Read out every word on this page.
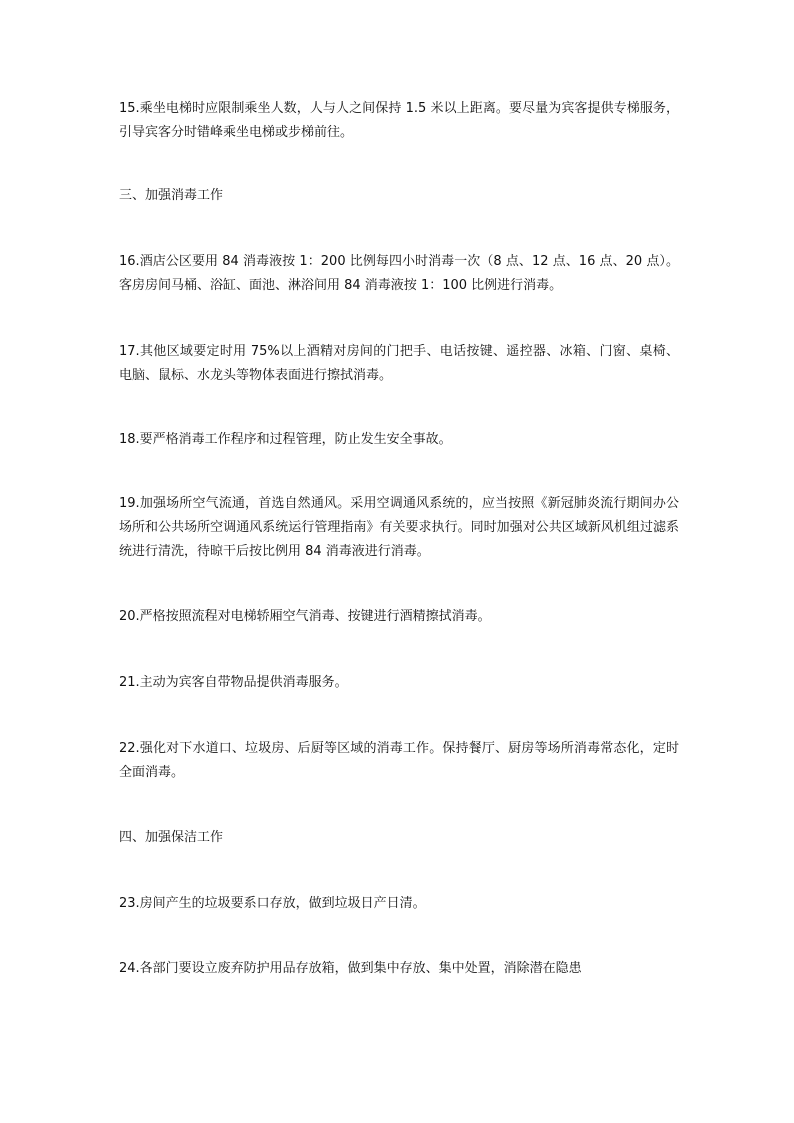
15.乘坐电梯时应限制乘坐人数，人与人之间保持 1.5 米以上距离。要尽量为宾客提供专梯服务，引导宾客分时错峰乘坐电梯或步梯前往。

三、加强消毒工作

16.酒店公区要用 84 消毒液按 1：200 比例每四小时消毒一次（8 点、12 点、16 点、20 点）。客房房间马桶、浴缸、面池、淋浴间用 84 消毒液按 1：100 比例进行消毒。

17.其他区域要定时用 75%以上酒精对房间的门把手、电话按键、遥控器、冰箱、门窗、桌椅、电脑、鼠标、水龙头等物体表面进行擦拭消毒。

18.要严格消毒工作程序和过程管理，防止发生安全事故。

19.加强场所空气流通，首选自然通风。采用空调通风系统的，应当按照《新冠肺炎流行期间办公场所和公共场所空调通风系统运行管理指南》有关要求执行。同时加强对公共区域新风机组过滤系统进行清洗，待晾干后按比例用 84 消毒液进行消毒。

20.严格按照流程对电梯轿厢空气消毒、按键进行酒精擦拭消毒。

21.主动为宾客自带物品提供消毒服务。

22.强化对下水道口、垃圾房、后厨等区域的消毒工作。保持餐厅、厨房等场所消毒常态化，定时全面消毒。

四、加强保洁工作

23.房间产生的垃圾要系口存放，做到垃圾日产日清。

24.各部门要设立废弃防护用品存放箱，做到集中存放、集中处置，消除潜在隐患
